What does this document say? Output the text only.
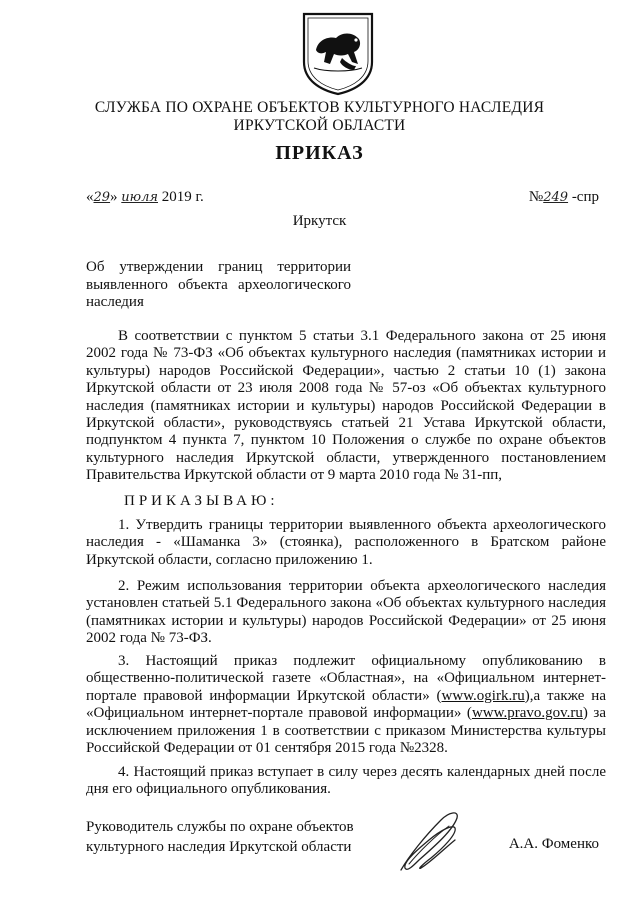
СЛУЖБА ПО ОХРАНЕ ОБЪЕКТОВ КУЛЬТУРНОГО НАСЛЕДИЯ
ИРКУТСКОЙ ОБЛАСТИ
ПРИКАЗ
«29» июля 2019 г.	№249 -спр
Иркутск
Об утверждении границ территории выявленного объекта археологического наследия
В соответствии с пунктом 5 статьи 3.1 Федерального закона от 25 июня 2002 года № 73-ФЗ «Об объектах культурного наследия (памятниках истории и культуры) народов Российской Федерации», частью 2 статьи 10 (1) закона Иркутской области от 23 июля 2008 года № 57-оз «Об объектах культурного наследия (памятниках истории и культуры) народов Российской Федерации в Иркутской области», руководствуясь статьей 21 Устава Иркутской области, подпунктом 4 пункта 7, пунктом 10 Положения о службе по охране объектов культурного наследия Иркутской области, утвержденного постановлением Правительства Иркутской области от 9 марта 2010 года № 31-пп,
ПРИКАЗЫВАЮ:
1. Утвердить границы территории выявленного объекта археологического наследия - «Шаманка 3» (стоянка), расположенного в Братском районе Иркутской области, согласно приложению 1.
2. Режим использования территории объекта археологического наследия установлен статьей 5.1 Федерального закона «Об объектах культурного наследия (памятниках истории и культуры) народов Российской Федерации» от 25 июня 2002 года № 73-ФЗ.
3. Настоящий приказ подлежит официальному опубликованию в общественно-политической газете «Областная», на «Официальном интернет-портале правовой информации Иркутской области» (www.ogirk.ru),а также на «Официальном интернет-портале правовой информации» (www.pravo.gov.ru) за исключением приложения 1 в соответствии с приказом Министерства культуры Российской Федерации от 01 сентября 2015 года №2328.
4. Настоящий приказ вступает в силу через десять календарных дней после дня его официального опубликования.
Руководитель службы по охране объектов
культурного наследия Иркутской области	А.А. Фоменко
